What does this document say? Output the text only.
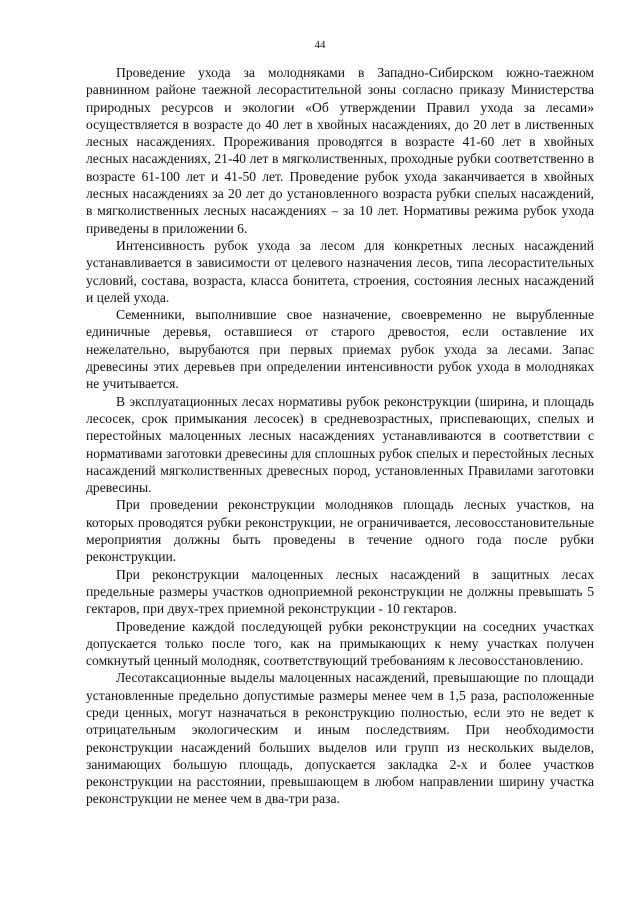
44

Проведение ухода за молодняками в Западно-Сибирском южно-таежном равнинном районе таежной лесорастительной зоны согласно приказу Министерства природных ресурсов и экологии «Об утверждении Правил ухода за лесами» осуществляется в возрасте до 40 лет в хвойных насаждениях, до 20 лет в лиственных лесных насаждениях. Прореживания проводятся в возрасте 41-60 лет в хвойных лесных насаждениях, 21-40 лет в мягколиственных, проходные рубки соответственно в возрасте 61-100 лет и 41-50 лет. Проведение рубок ухода заканчивается в хвойных лесных насаждениях за 20 лет до установленного возраста рубки спелых насаждений, в мягколиственных лесных насаждениях – за 10 лет. Нормативы режима рубок ухода приведены в приложении 6.

Интенсивность рубок ухода за лесом для конкретных лесных насаждений устанавливается в зависимости от целевого назначения лесов, типа лесорастительных условий, состава, возраста, класса бонитета, строения, состояния лесных насаждений и целей ухода.

Семенники, выполнившие свое назначение, своевременно не вырубленные единичные деревья, оставшиеся от старого древостоя, если оставление их нежелательно, вырубаются при первых приемах рубок ухода за лесами. Запас древесины этих деревьев при определении интенсивности рубок ухода в молодняках не учитывается.

В эксплуатационных лесах нормативы рубок реконструкции (ширина, и площадь лесосек, срок примыкания лесосек) в средневозрастных, приспевающих, спелых и перестойных малоценных лесных насаждениях устанавливаются в соответствии с нормативами заготовки древесины для сплошных рубок спелых и перестойных лесных насаждений мягколиственных древесных пород, установленных Правилами заготовки древесины.

При проведении реконструкции молодняков площадь лесных участков, на которых проводятся рубки реконструкции, не ограничивается, лесовосстановительные мероприятия должны быть проведены в течение одного года после рубки реконструкции.

При реконструкции малоценных лесных насаждений в защитных лесах предельные размеры участков одноприемной реконструкции не должны превышать 5 гектаров, при двух-трех приемной реконструкции - 10 гектаров.

Проведение каждой последующей рубки реконструкции на соседних участках допускается только после того, как на примыкающих к нему участках получен сомкнутый ценный молодняк, соответствующий требованиям к лесовосстановлению.

Лесотаксационные выделы малоценных насаждений, превышающие по площади установленные предельно допустимые размеры менее чем в 1,5 раза, расположенные среди ценных, могут назначаться в реконструкцию полностью, если это не ведет к отрицательным экологическим и иным последствиям. При необходимости реконструкции насаждений больших выделов или групп из нескольких выделов, занимающих большую площадь, допускается закладка 2-х и более участков реконструкции на расстоянии, превышающем в любом направлении ширину участка реконструкции не менее чем в два-три раза.
